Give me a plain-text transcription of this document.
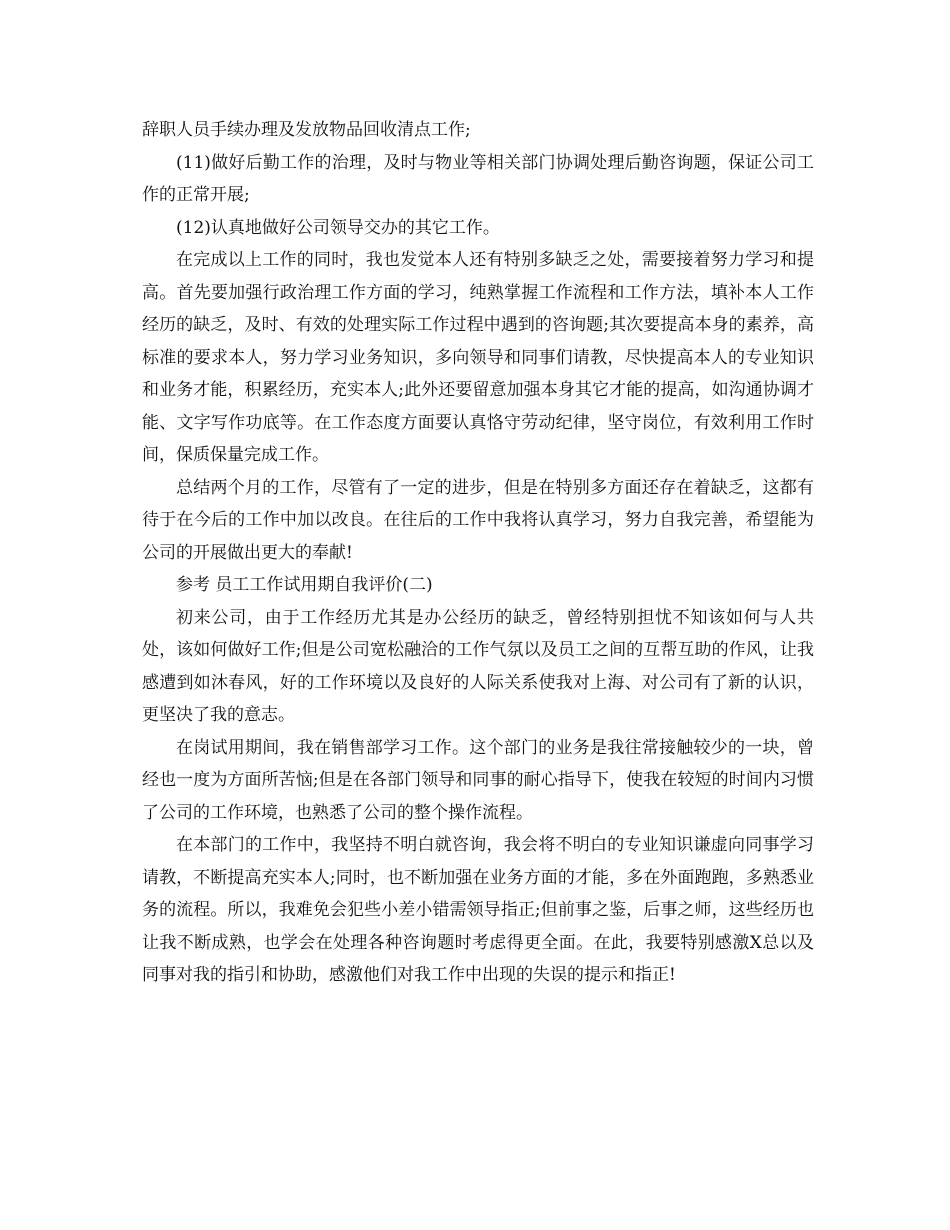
辞职人员手续办理及发放物品回收清点工作;

(11)做好后勤工作的治理，及时与物业等相关部门协调处理后勤咨询题，保证公司工作的正常开展;

(12)认真地做好公司领导交办的其它工作。

在完成以上工作的同时，我也发觉本人还有特别多缺乏之处，需要接着努力学习和提高。首先要加强行政治理工作方面的学习，纯熟掌握工作流程和工作方法，填补本人工作经历的缺乏，及时、有效的处理实际工作过程中遇到的咨询题;其次要提高本身的素养，高标准的要求本人，努力学习业务知识，多向领导和同事们请教，尽快提高本人的专业知识和业务才能，积累经历，充实本人;此外还要留意加强本身其它才能的提高，如沟通协调才能、文字写作功底等。在工作态度方面要认真恪守劳动纪律，坚守岗位，有效利用工作时间，保质保量完成工作。

总结两个月的工作，尽管有了一定的进步，但是在特别多方面还存在着缺乏，这都有待于在今后的工作中加以改良。在往后的工作中我将认真学习，努力自我完善，希望能为公司的开展做出更大的奉献!

参考 员工工作试用期自我评价(二)

初来公司，由于工作经历尤其是办公经历的缺乏，曾经特别担忧不知该如何与人共处，该如何做好工作;但是公司宽松融洽的工作气氛以及员工之间的互帮互助的作风，让我感遭到如沐春风，好的工作环境以及良好的人际关系使我对上海、对公司有了新的认识，更坚决了我的意志。

在岗试用期间，我在销售部学习工作。这个部门的业务是我往常接触较少的一块，曾经也一度为方面所苦恼;但是在各部门领导和同事的耐心指导下，使我在较短的时间内习惯了公司的工作环境，也熟悉了公司的整个操作流程。

在本部门的工作中，我坚持不明白就咨询，我会将不明白的专业知识谦虚向同事学习请教，不断提高充实本人;同时，也不断加强在业务方面的才能，多在外面跑跑，多熟悉业务的流程。所以，我难免会犯些小差小错需领导指正;但前事之鉴，后事之师，这些经历也让我不断成熟，也学会在处理各种咨询题时考虑得更全面。在此，我要特别感激X总以及同事对我的指引和协助，感激他们对我工作中出现的失误的提示和指正!
